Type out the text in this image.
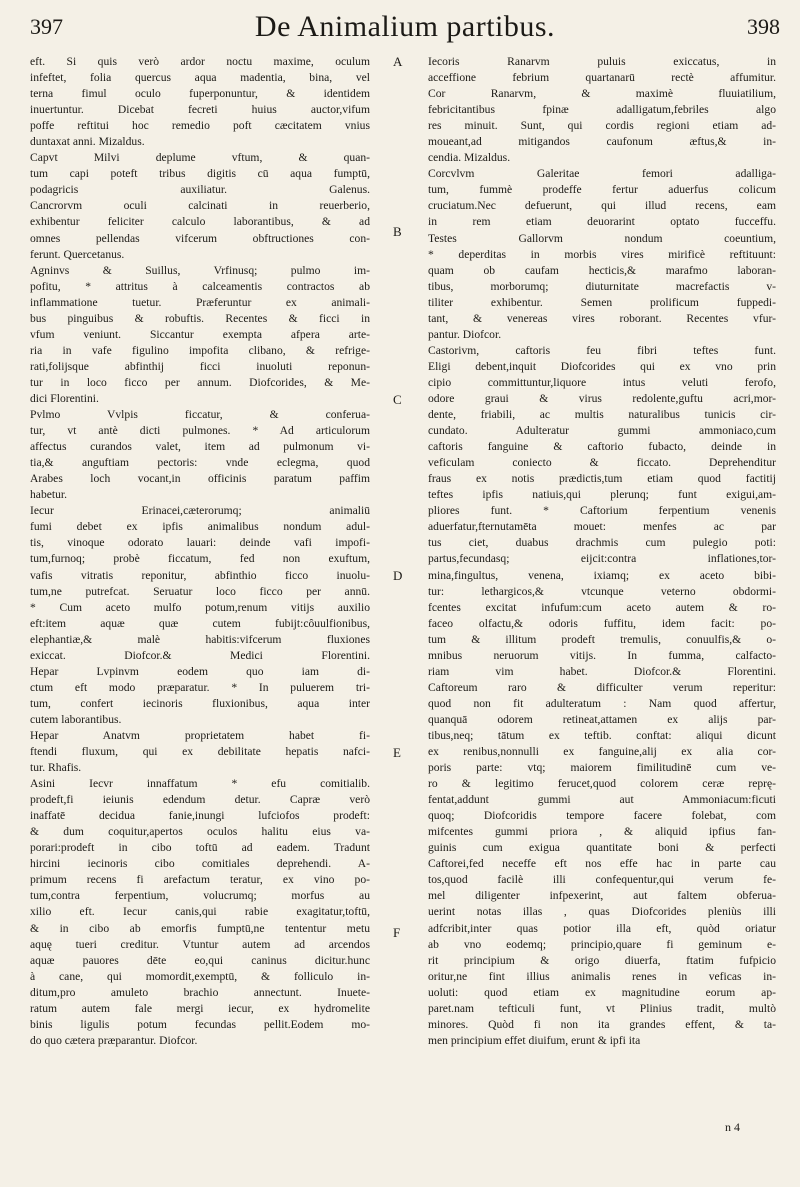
397	De Animalium partibus.	398
eft. Si quis verò ardor noctu maxime, oculum
infeftet, folia quercus aqua madentia, bina, vel
terna fimul oculo fuperponuntur, & identidem
inuertuntur. Dicebat fecreti huius auctor,vifum
poffe reftitui hoc remedio poft cæcitatem vnius
duntaxat anni. Mizaldus.
Capvt Milvi deplume vftum, & quan-
tum capi poteft tribus digitis cū aqua fumptū,
podagricis auxiliatur. Galenus.
Cancrorvm oculi calcinati in reuerberio,
exhibentur feliciter calculo laborantibus, & ad
omnes pellendas vifcerum obftructiones con-
ferunt. Quercetanus.
Agninvs & Suillus, Vrfinusq; pulmo im-
pofitu, * attritus à calceamentis contractos ab
inflammatione tuetur. Præferuntur ex animali-
bus pinguibus & robuftis. Recentes & ficci in
vfum veniunt. Siccantur exempta afpera arte-
ria in vafe figulino impofita clibano, & refrige-
rati,folijsque abfinthij ficci inuoluti reponun-
tur in loco ficco per annum. Diofcorides, & Me-
dici Florentini.
Pvlmo Vvlpis ficcatur, & conferua-
tur, vt antè dicti pulmones. * Ad articulorum
affectus curandos valet, item ad pulmonum vi-
tia,& anguftiam pectoris: vnde eclegma, quod
Arabes loch vocant,in officinis paratum paffim
habetur.
Iecur Erinacei,cæterorumq; animaliū
fumi debet ex ipfis animalibus nondum adul-
tis, vinoque odorato lauari: deinde vafi impofi-
tum,furnoq; probè ficcatum, fed non exuftum,
vafis vitratis reponitur, abfinthio ficco inuolu-
tum,ne putrefcat. Seruatur loco ficco per annū.
* Cum aceto mulfo potum,renum vitijs auxilio
eft:item aquæ quæ cutem fubijt:côuulfionibus,
elephantiæ,& malè habitis:vifcerum fluxiones
exiccat. Diofcor.& Medici Florentini.
Hepar Lvpinvm eodem quo iam di-
ctum eft modo præparatur. * In puluerem tri-
tum, confert iecinoris fluxionibus, aqua inter
cutem laborantibus.
Hepar Anatvm proprietatem habet fi-
ftendi fluxum, qui ex debilitate hepatis nafci-
tur. Rhafis.
Asini Iecvr innaffatum * efu comitialib.
prodeft,fi ieiunis edendum detur. Capræ verò
inaffatē decidua fanie,inungi lufciofos prodeft:
& dum coquitur,apertos oculos halitu eius va-
porari:prodeft in cibo toftū ad eadem. Tradunt
hircini iecinoris cibo comitiales deprehendi. A-
primum recens fi arefactum teratur, ex vino po-
tum,contra ferpentium, volucrumq; morfus au
xilio eft. Iecur canis,qui rabie exagitatur,toftū,
& in cibo ab emorfis fumptū,ne tententur metu
aquę tueri creditur. Vtuntur autem ad arcendos
aquæ pauores dēte eo,qui caninus dicitur.hunc
à cane, qui momordit,exemptū, & folliculo in-
ditum,pro amuleto brachio annectunt. Inuete-
ratum autem fale mergi iecur, ex hydromelite
binis ligulis potum fecundas pellit.Eodem mo-
do quo cætera præparantur. Diofcor.
A
B
C
D
E
F
Iecoris Ranarvm puluis exiccatus, in
acceffione febrium quartanarū rectè affumitur.
Cor Ranarvm, & maximè fluuiatilium,
febricitantibus fpinæ adalligatum,febriles algo
res minuit. Sunt, qui cordis regioni etiam ad-
moueant,ad mitigandos caufonum æftus,& in-
cendia. Mizaldus.
Corcvlvm Galeritae femori adalliga-
tum, fummè prodeffe fertur aduerfus colicum
cruciatum.Nec defuerunt, qui illud recens, eam
in rem etiam deuorarint optato fucceffu.
Testes Gallorvm nondum coeuntium,
* deperditas in morbis vires mirificè reftituunt:
quam ob caufam hecticis,& marafmo laboran-
tibus, morborumq; diuturnitate macrefactis v-
tiliter exhibentur. Semen prolificum fuppedi-
tant, & venereas vires roborant. Recentes vfur-
pantur. Diofcor.
Castorivm, caftoris feu fibri teftes funt.
Eligi debent,inquit Diofcorides qui ex vno prin
cipio committuntur,liquore intus veluti ferofo,
odore graui & virus redolente,guftu acri,mor-
dente, friabili, ac multis naturalibus tunicis cir-
cundato. Adulteratur gummi ammoniaco,cum
caftoris fanguine & caftorio fubacto, deinde in
veficulam coniecto & ficcato. Deprehenditur
fraus ex notis prædictis,tum etiam quod factitij
teftes ipfis natiuis,qui plerunq; funt exigui,am-
pliores funt. * Caftorium ferpentium venenis
aduerfatur,fternutamēta mouet: menfes ac par
tus ciet, duabus drachmis cum pulegio poti:
partus,fecundasq; eijcit:contra inflationes,tor-
mina,fingultus, venena, ixiamq; ex aceto bibi-
tur: lethargicos,& vtcunque veterno obdormi-
fcentes excitat infufum:cum aceto autem & ro-
faceo olfactu,& odoris fuffitu, idem facit: po-
tum & illitum prodeft tremulis, conuulfis,& o-
mnibus neruorum vitijs. In fumma, calfacto-
riam vim habet. Diofcor.& Florentini.
Caftoreum raro & difficulter verum reperitur:
quod non fit adulteratum : Nam quod affertur,
quanquā odorem retineat,attamen ex alijs par-
tibus,neq; tātum ex teftib. conftat: aliqui dicunt
ex renibus,nonnulli ex fanguine,alij ex alia cor-
poris parte: vtq; maiorem fimilitudinē cum ve-
ro & legitimo ferucet,quod colorem ceræ reprę-
fentat,addunt gummi aut Ammoniacum:ficuti
quoq; Diofcoridis tempore facere folebat, com
mifcentes gummi priora , & aliquid ipfius fan-
guinis cum exigua quantitate boni & perfecti
Caftorei,fed neceffe eft nos effe hac in parte cau
tos,quod facilè illi confequentur,qui verum fe-
mel diligenter infpexerint, aut faltem obferua-
uerint notas illas , quas Diofcorides pleniùs illi
adfcribit,inter quas potior illa eft, quòd oriatur
ab vno eodemq; principio,quare fi geminum e-
rit principium & origo diuerfa, ftatim fufpicio
oritur,ne fint illius animalis renes in veficas in-
uoluti: quod etiam ex magnitudine eorum ap-
paret.nam tefticuli funt, vt Plinius tradit, multò
minores. Quòd fi non ita grandes effent, & ta-
men principium effet diuifum, erunt & ipfi ita
n 4
